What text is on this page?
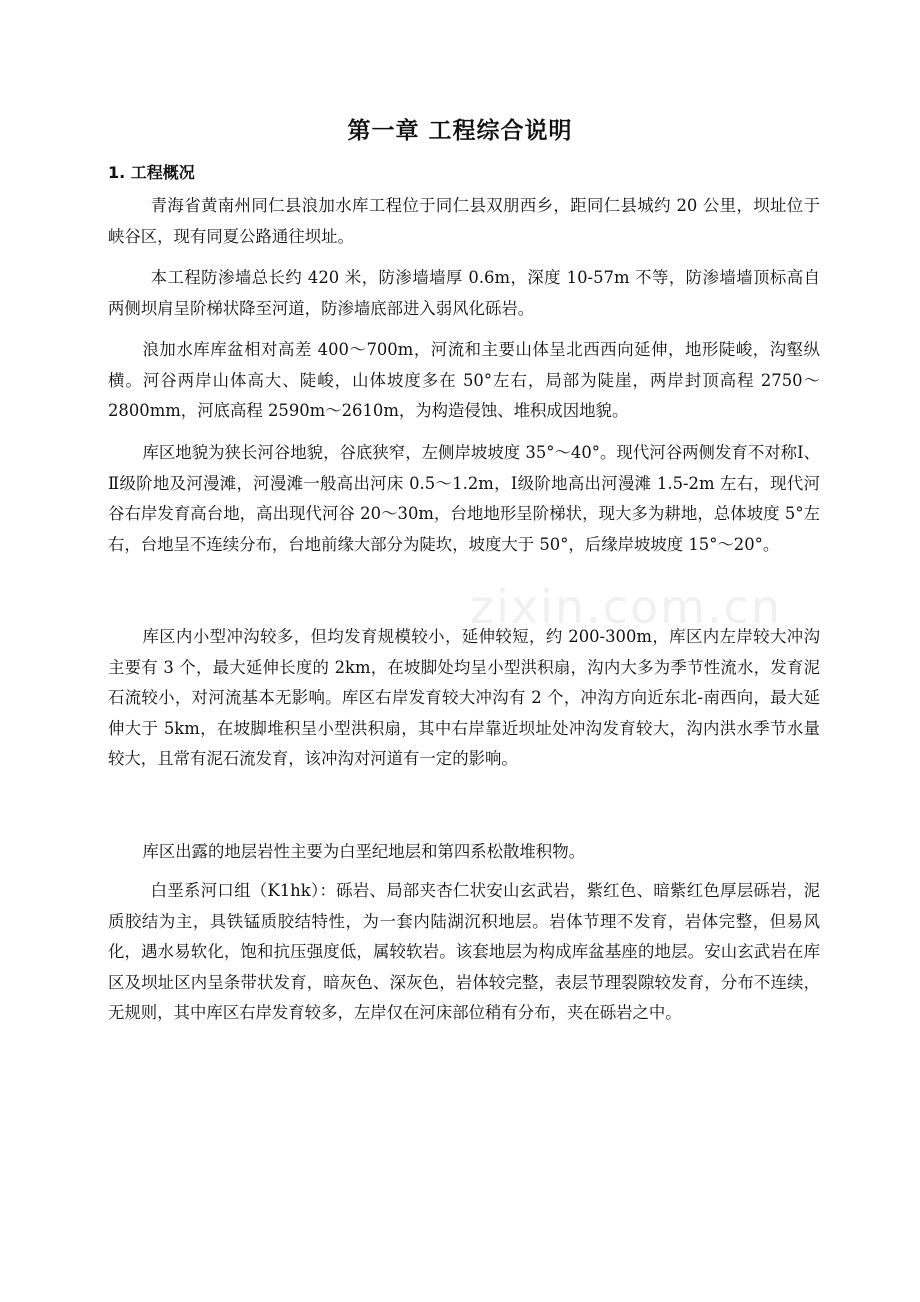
zixin.com.cn
第一章 工程综合说明
1. 工程概况

青海省黄南州同仁县浪加水库工程位于同仁县双朋西乡，距同仁县城约 20 公里，坝址位于峡谷区，现有同夏公路通往坝址。

本工程防渗墙总长约 420 米，防渗墙墙厚 0.6m，深度 10-57m 不等，防渗墙墙顶标高自两侧坝肩呈阶梯状降至河道，防渗墙底部进入弱风化砾岩。

浪加水库库盆相对高差 400～700m，河流和主要山体呈北西西向延伸，地形陡峻，沟壑纵横。河谷两岸山体高大、陡峻，山体坡度多在 50°左右，局部为陡崖，两岸封顶高程 2750～2800mm，河底高程 2590m～2610m，为构造侵蚀、堆积成因地貌。

库区地貌为狭长河谷地貌，谷底狭窄，左侧岸坡坡度 35°～40°。现代河谷两侧发育不对称Ⅰ、Ⅱ级阶地及河漫滩，河漫滩一般高出河床 0.5～1.2m，Ⅰ级阶地高出河漫滩 1.5-2m 左右，现代河谷右岸发育高台地，高出现代河谷 20～30m，台地地形呈阶梯状，现大多为耕地，总体坡度 5°左右，台地呈不连续分布，台地前缘大部分为陡坎，坡度大于 50°，后缘岸坡坡度 15°～20°。

库区内小型冲沟较多，但均发育规模较小，延伸较短，约 200-300m，库区内左岸较大冲沟主要有 3 个，最大延伸长度的 2km，在坡脚处均呈小型洪积扇，沟内大多为季节性流水，发育泥石流较小，对河流基本无影响。库区右岸发育较大冲沟有 2 个，冲沟方向近东北-南西向，最大延伸大于 5km，在坡脚堆积呈小型洪积扇，其中右岸靠近坝址处冲沟发育较大，沟内洪水季节水量较大，且常有泥石流发育，该冲沟对河道有一定的影响。

库区出露的地层岩性主要为白垩纪地层和第四系松散堆积物。

白垩系河口组（K1hk）：砾岩、局部夹杏仁状安山玄武岩，紫红色、暗紫红色厚层砾岩，泥质胶结为主，具铁锰质胶结特性，为一套内陆湖沉积地层。岩体节理不发育，岩体完整，但易风化，遇水易软化，饱和抗压强度低，属较软岩。该套地层为构成库盆基座的地层。安山玄武岩在库区及坝址区内呈条带状发育，暗灰色、深灰色，岩体较完整，表层节理裂隙较发育，分布不连续，无规则，其中库区右岸发育较多，左岸仅在河床部位稍有分布，夹在砾岩之中。
